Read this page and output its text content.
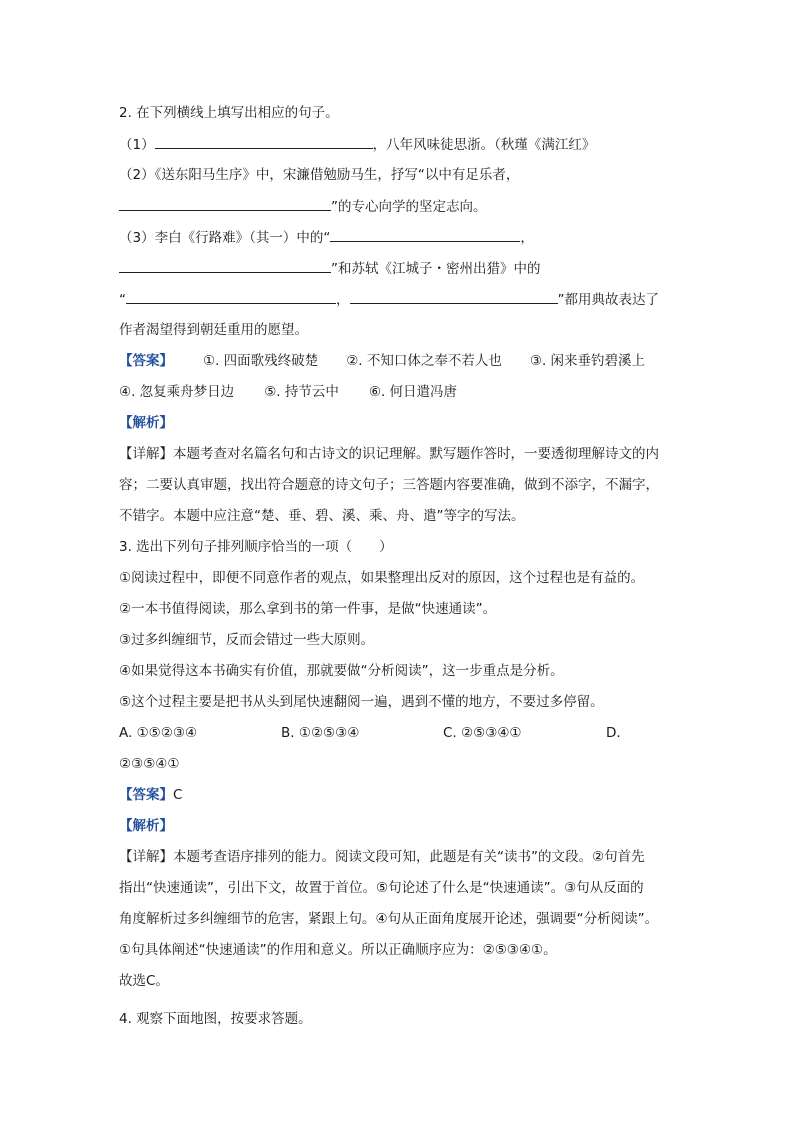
2. 在下列横线上填写出相应的句子。
（1）	，八年风味徒思浙。（秋瑾《满江红》
（2）《送东阳马生序》中，宋濂借勉励马生，抒写“以中有足乐者，
”的专心向学的坚定志向。
（3）李白《行路难》（其一）中的“	，
”和苏轼《江城子・密州出猎》中的
“	，	”都用典故表达了
作者渴望得到朝廷重用的愿望。
【答案】 ①. 四面歌残终破楚 ②. 不知口体之奉不若人也 ③. 闲来垂钓碧溪上
④. 忽复乘舟梦日边 ⑤. 持节云中 ⑥. 何日遣冯唐
【解析】
【详解】本题考查对名篇名句和古诗文的识记理解。默写题作答时，一要透彻理解诗文的内
容；二要认真审题，找出符合题意的诗文句子；三答题内容要准确，做到不添字，不漏字，
不错字。本题中应注意“楚、垂、碧、溪、乘、舟、遣”等字的写法。
3. 选出下列句子排列顺序恰当的一项（　　）
①阅读过程中，即便不同意作者的观点，如果整理出反对的原因，这个过程也是有益的。
②一本书值得阅读，那么拿到书的第一件事，是做“快速通读”。
③过多纠缠细节，反而会错过一些大原则。
④如果觉得这本书确实有价值，那就要做“分析阅读”，这一步重点是分析。
⑤这个过程主要是把书从头到尾快速翻阅一遍，遇到不懂的地方，不要过多停留。
A. ①⑤②③④	B. ①②⑤③④	C. ②⑤③④①	D.
②③⑤④①
【答案】C
【解析】
【详解】本题考查语序排列的能力。阅读文段可知，此题是有关“读书”的文段。②句首先
指出“快速通读”，引出下文，故置于首位。⑤句论述了什么是“快速通读”。③句从反面的
角度解析过多纠缠细节的危害，紧跟上句。④句从正面角度展开论述，强调要“分析阅读”。
①句具体阐述“快速通读”的作用和意义。所以正确顺序应为：②⑤③④①。
故选C。
4. 观察下面地图，按要求答题。
